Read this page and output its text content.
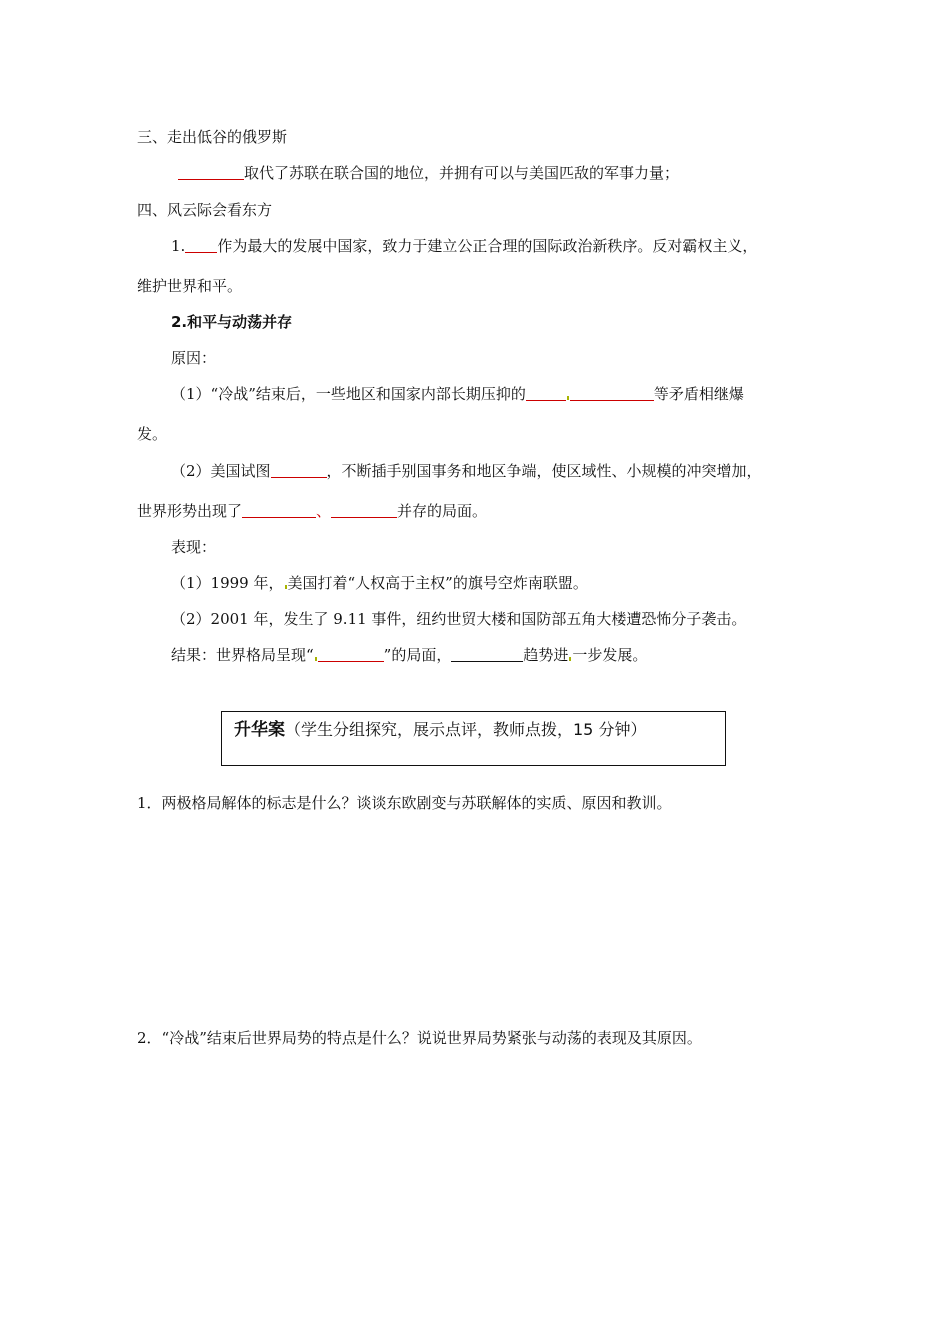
三、走出低谷的俄罗斯
取代了苏联在联合国的地位，并拥有可以与美国匹敌的军事力量；
四、风云际会看东方
1. 作为最大的发展中国家，致力于建立公正合理的国际政治新秩序。反对霸权主义，
维护世界和平。
2.和平与动荡并存
原因：
（1）“冷战”结束后，一些地区和国家内部长期压抑的	等矛盾相继爆
发。
（2）美国试图	，不断插手别国事务和地区争端，使区域性、小规模的冲突增加，
世界形势出现了	、	并存的局面。
表现：
（1）1999 年， 美国打着“人权高于主权”的旗号空炸南联盟。
（2）2001 年，发生了 9.11 事件，纽约世贸大楼和国防部五角大楼遭恐怖分子袭击。
结果：世界格局呈现“	”的局面，	趋势进 一步发展。
升华案（学生分组探究，展示点评，教师点拨，15 分钟）
1．两极格局解体的标志是什么？谈谈东欧剧变与苏联解体的实质、原因和教训。
2．“冷战”结束后世界局势的特点是什么？说说世界局势紧张与动荡的表现及其原因。
